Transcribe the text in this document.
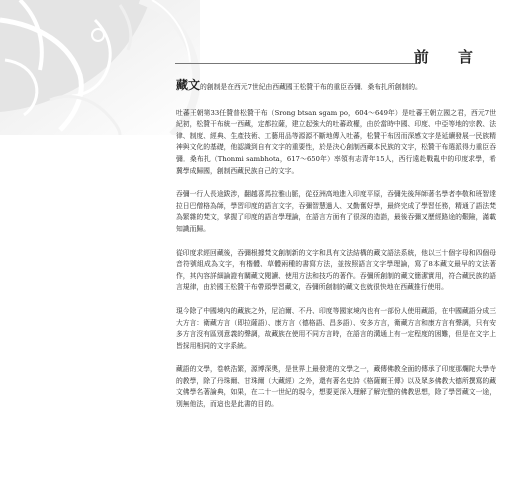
前 言

藏文的創制是在西元7世紀由西藏國王松贊干布的重臣吞彌．桑布扎所創制的。

吐蕃王朝第33任贊普松贊干布（Srong btsan sgam po，604～649年）是吐蕃王朝立國之君，西元7世紀初，松贊干布統一西藏，定都拉薩，建立起強大的吐蕃政權，由於當時中國、印度、中亞等地的宗教、法律、制度、經典、生產技術、工藝用品等源源不斷地傳入吐蕃，松贊干布因而深感文字是延續發展一民族精神與文化的基礎，他認識到自有文字的重要性，於是決心創制西藏本民族的文字，松贊干布選派得力重臣吞彌．桑布扎（Thonmi sambhota，617～650年）率領有志青年15人，西行遠赴戰亂中的印度求學，希冀學成歸國，創制西藏民族自己的文字。

吞彌一行人長途跋涉，翻越喜馬拉雅山脈，從亞洲高地進入印度平原，吞彌先後拜師著名學者李敬和班智達拉日巴僧格為師，學習印度的語言文字，吞彌智慧過人、又勤奮好學，最終完成了學習任務，精通了語法梵為繁雜的梵文，掌握了印度的語言學理論，在語言方面有了很深的造詣，最後吞彌又歷經路途的艱險，滿載知識而歸。

從印度求經回藏後，吞彌根據梵文創制新的文字和具有文法結構的藏文語法系統，他以三十個字母和四個母音符號組成為文字，有楷體、草體兩種的書寫方法，並按照語言文字學理論，寫了8本藏文最早的文法著作，其內容詳細論證有關藏文閱讀、使用方法和技巧的著作。吞彌所創制的藏文簡潔實用，符合藏民族的語言規律，由於國王松贊干布帶頭學習藏文，吞彌所創制的藏文也就很快地在西藏推行使用。

現今除了中國境內的藏族之外，尼泊爾、不丹、印度等國家境內也有一部份人使用藏語，在中國藏語分成三大方言：衛藏方言（即拉薩語）、康方言（德格語、昌多語）、安多方言，衛藏方言和康方言有聲調，只有安多方言沒有區別意義的聲調，故藏族在使用不同方言時，在語言的溝通上有一定程度的困難，但是在文字上皆採用相同的文字系統。

藏語的文學，卷帙浩繁，源博深奧，是世界上最發達的文學之一，藏傳佛教全面的傳承了印度那爛陀大學寺的教學，除了丹珠爾、甘珠爾（大藏經）之外，還有著名史詩《格薩爾王傳》以及眾多佛教大德所撰寫的藏文佛學名著論典，如果，在二十一世紀的現今，想要更深入理解了解完整的佛教思想，除了學習藏文一途，別無他法，而這也是此書的目的。
